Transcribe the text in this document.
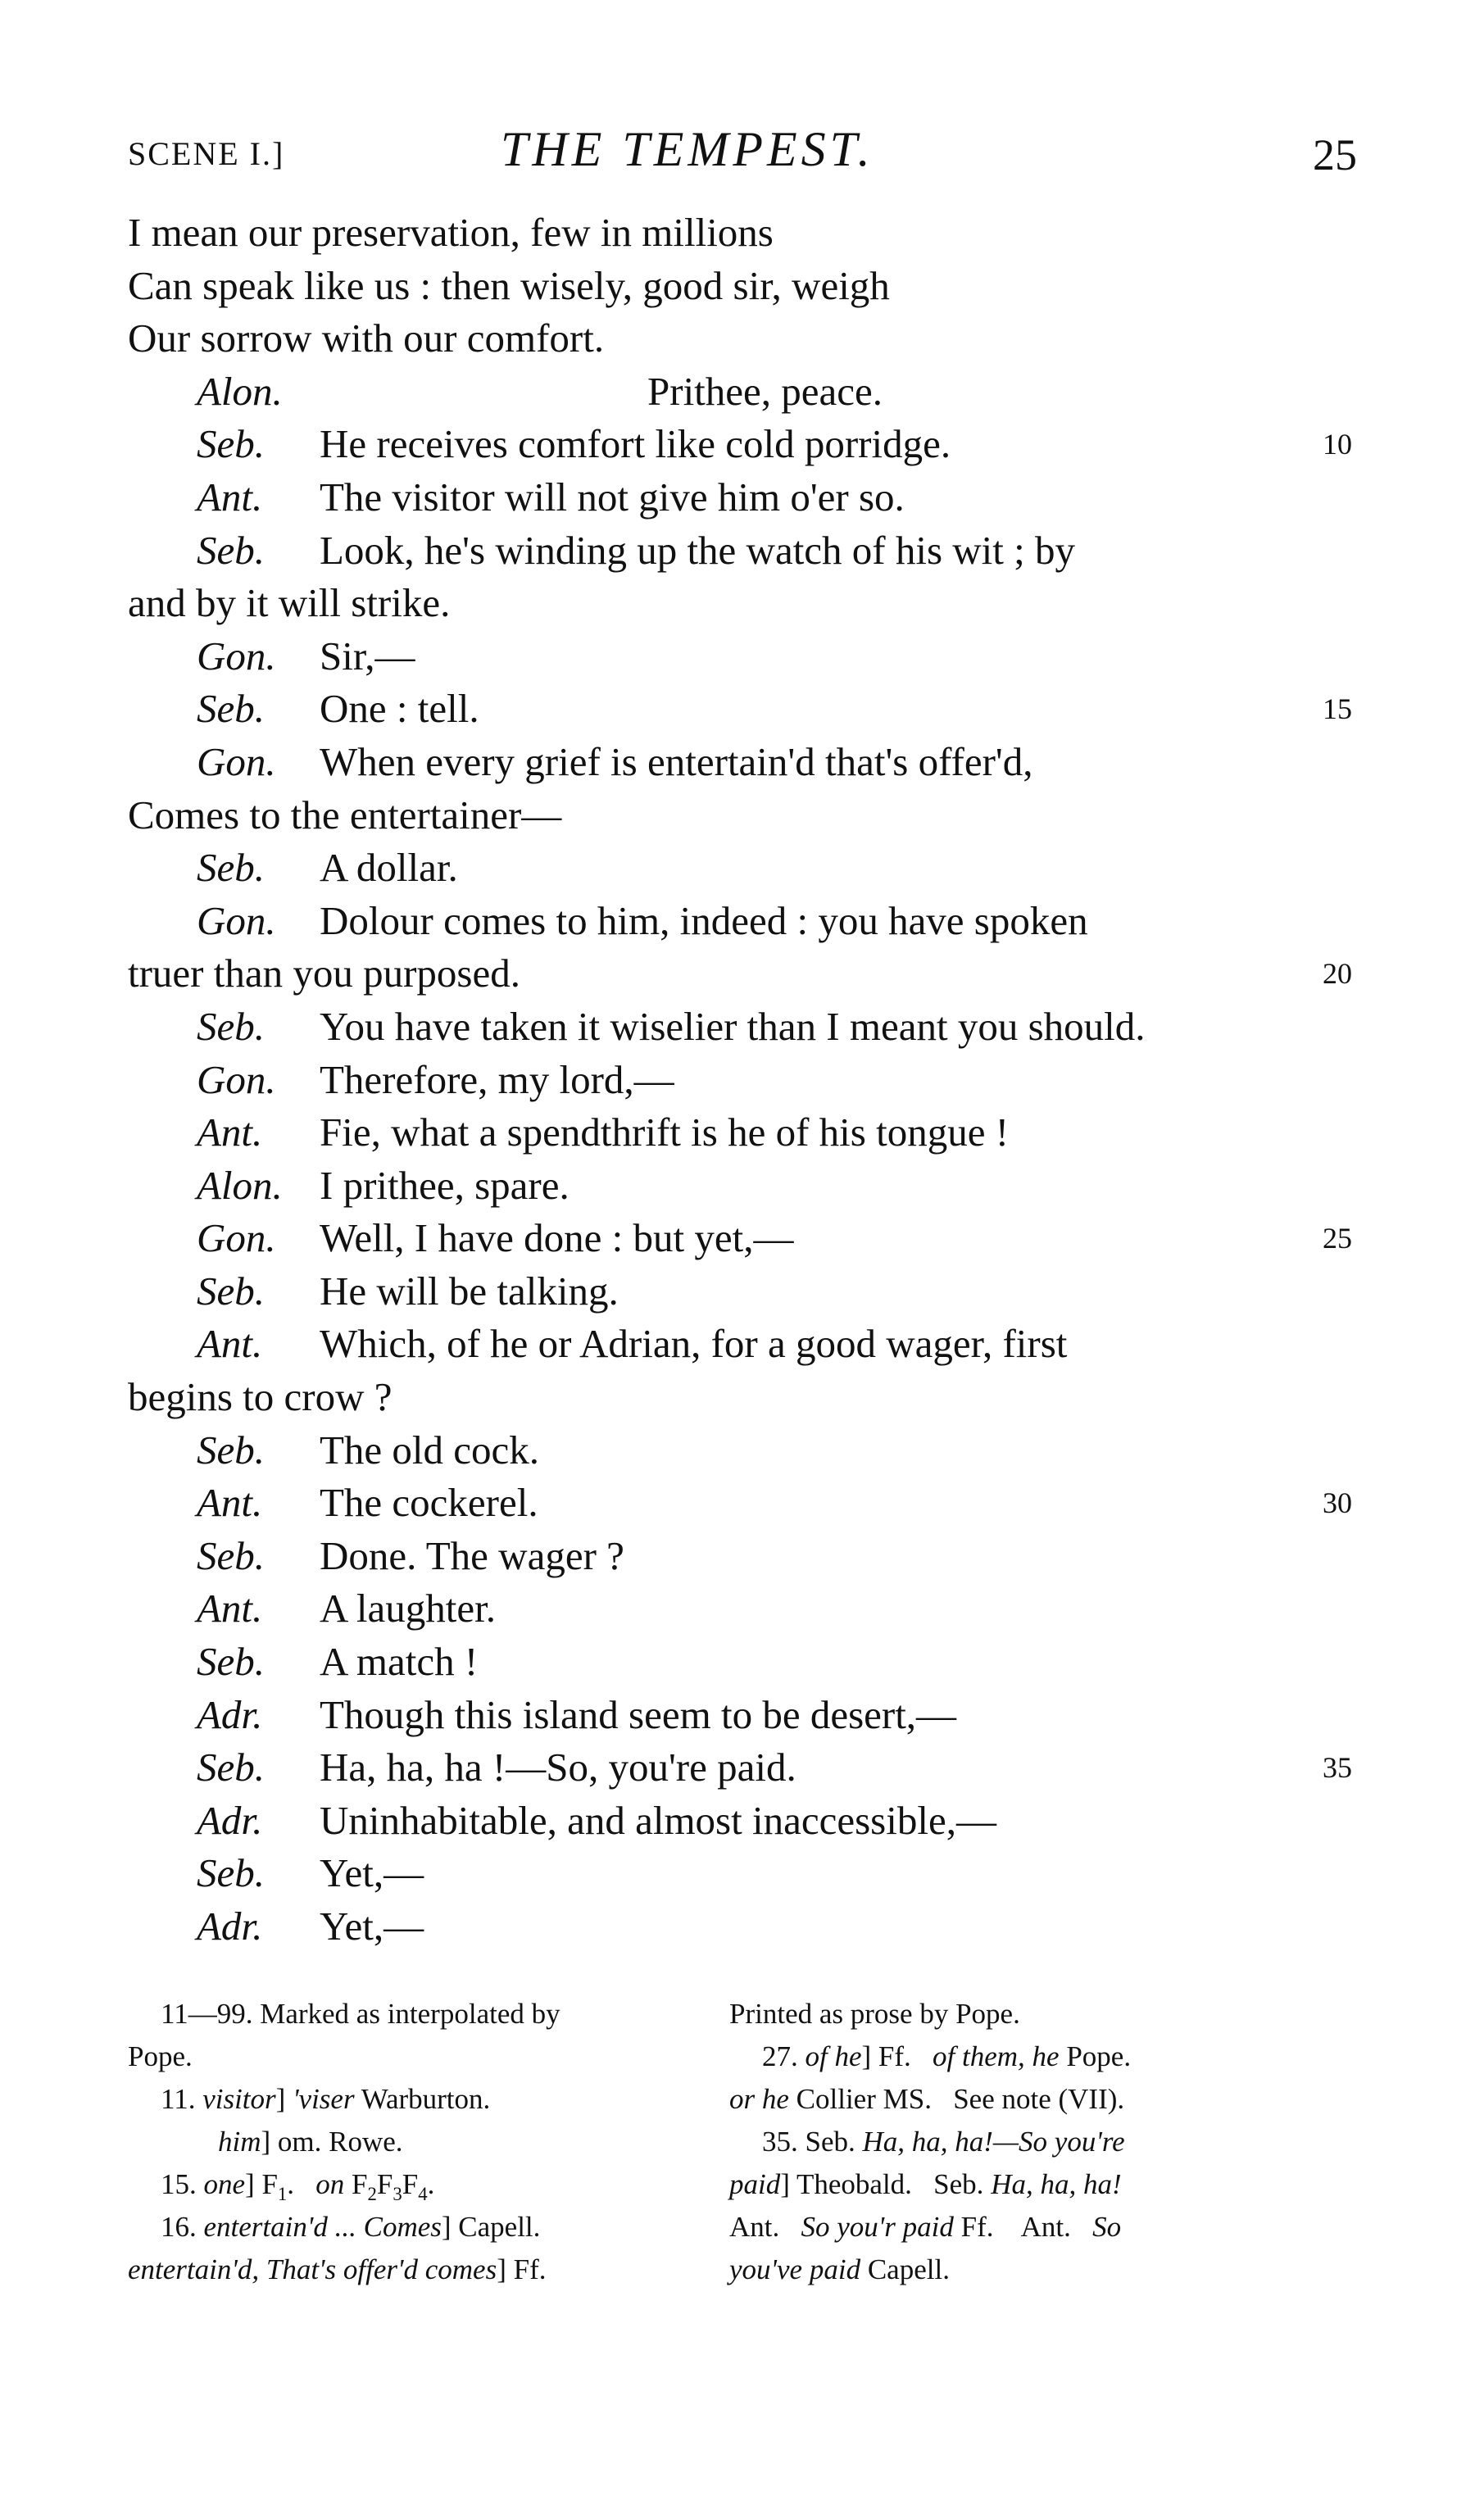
SCENE I.]	THE TEMPEST.	25
I mean our preservation, few in millions
Can speak like us : then wisely, good sir, weigh
Our sorrow with our comfort.
Alon.	Prithee, peace.
Seb. He receives comfort like cold porridge.	10
Ant. The visitor will not give him o'er so.
Seb. Look, he's winding up the watch of his wit ; by
and by it will strike.
Gon. Sir,—
Seb. One : tell.	15
Gon. When every grief is entertain'd that's offer'd,
Comes to the entertainer—
Seb. A dollar.
Gon. Dolour comes to him, indeed : you have spoken
truer than you purposed.	20
Seb. You have taken it wiselier than I meant you should.
Gon. Therefore, my lord,—
Ant. Fie, what a spendthrift is he of his tongue !
Alon. I prithee, spare.
Gon. Well, I have done : but yet,—	25
Seb. He will be talking.
Ant. Which, of he or Adrian, for a good wager, first
begins to crow ?
Seb. The old cock.
Ant. The cockerel.	30
Seb. Done. The wager ?
Ant. A laughter.
Seb. A match !
Adr. Though this island seem to be desert,—
Seb. Ha, ha, ha !—So, you're paid.	35
Adr. Uninhabitable, and almost inaccessible,—
Seb. Yet,—
Adr. Yet,—
11—99. Marked as interpolated by
Pope.
11. visitor] 'viser Warburton.
him] om. Rowe.
15. one] $F_1$.   on $F_2F_3F_4$.
16. entertain'd ... Comes] Capell.
entertain'd, That's offer'd comes] Ff.
Printed as prose by Pope.
27. of he] Ff.   of them, he Pope.
or he Collier MS.   See note (VII).
35. Seb. Ha, ha, ha!—So you're
paid] Theobald.   Seb. Ha, ha, ha!
Ant.   So you'r paid Ff.    Ant.   So
you've paid Capell.
